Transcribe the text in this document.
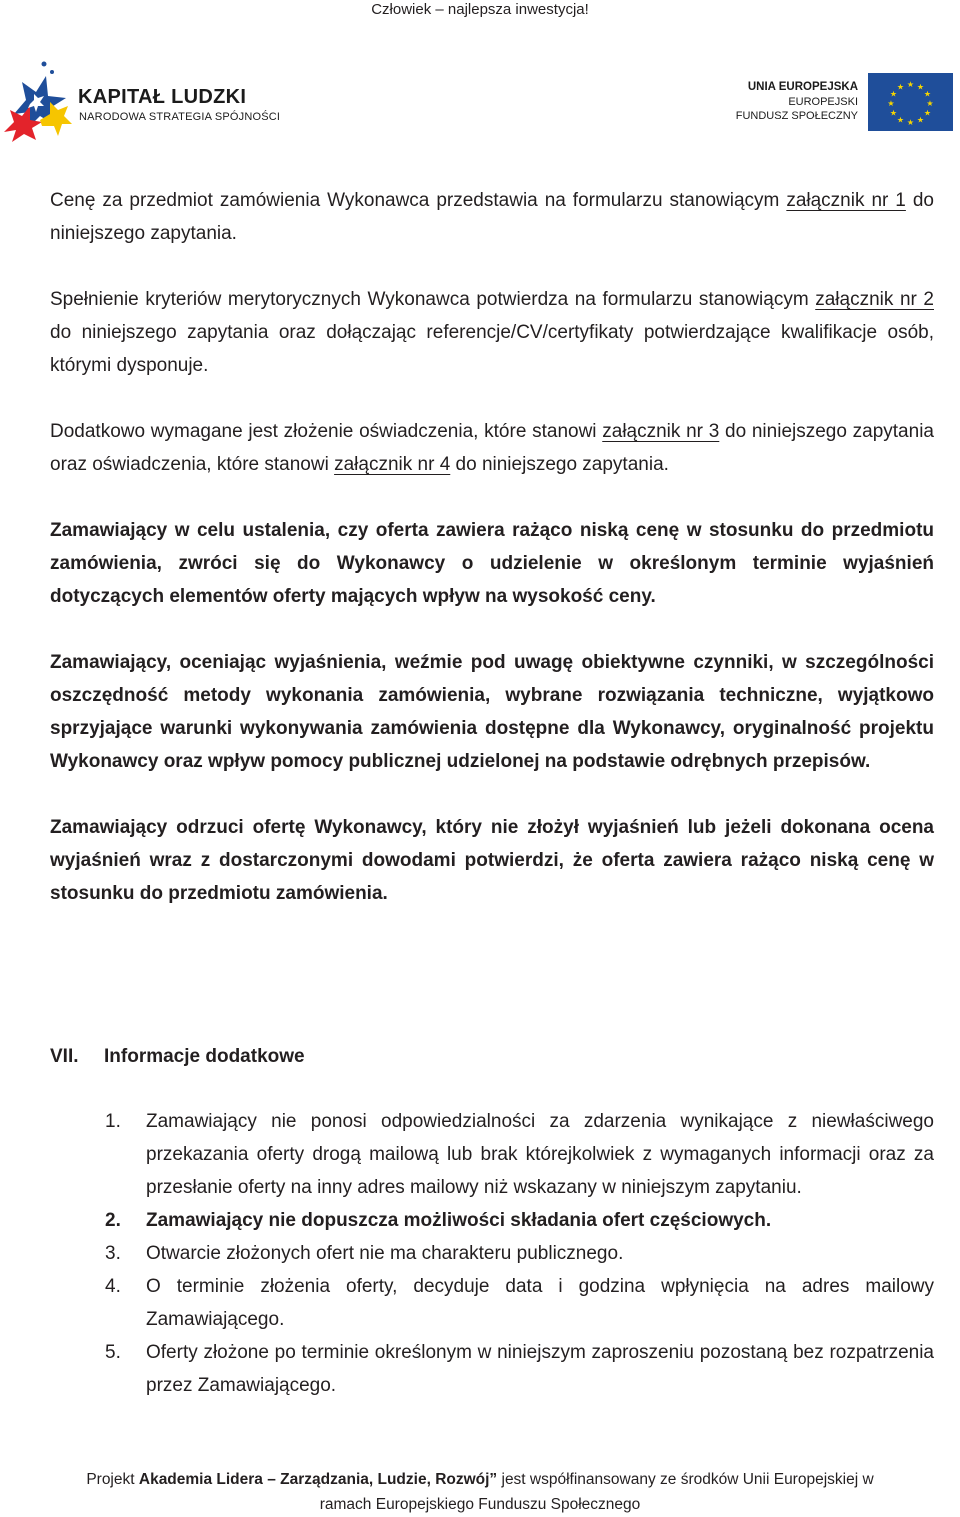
Człowiek – najlepsza inwestycja!
KAPITAŁ LUDZKI
NARODOWA STRATEGIA SPÓJNOŚCI
UNIA EUROPEJSKA
EUROPEJSKI
FUNDUSZ SPOŁECZNY
★ ★
★
★
★
★
★
★
★
★
★
★

Cenę za przedmiot zamówienia Wykonawca przedstawia na formularzu stanowiącym załącznik nr 1 do niniejszego zapytania.

Spełnienie kryteriów merytorycznych Wykonawca potwierdza na formularzu stanowiącym załącznik nr 2 do niniejszego zapytania oraz dołączając referencje/CV/certyfikaty potwierdzające kwalifikacje osób, którymi dysponuje.

Dodatkowo wymagane jest złożenie oświadczenia, które stanowi załącznik nr 3 do niniejszego zapytania oraz oświadczenia, które stanowi załącznik nr 4 do niniejszego zapytania.

Zamawiający w celu ustalenia, czy oferta zawiera rażąco niską cenę w stosunku do przedmiotu zamówienia, zwróci się do Wykonawcy o udzielenie w określonym terminie wyjaśnień dotyczących elementów oferty mających wpływ na wysokość ceny.

Zamawiający, oceniając wyjaśnienia, weźmie pod uwagę obiektywne czynniki, w szczególności oszczędność metody wykonania zamówienia, wybrane rozwiązania techniczne, wyjątkowo sprzyjające warunki wykonywania zamówienia dostępne dla Wykonawcy, oryginalność projektu Wykonawcy oraz wpływ pomocy publicznej udzielonej na podstawie odrębnych przepisów.

Zamawiający odrzuci ofertę Wykonawcy, który nie złożył wyjaśnień lub jeżeli dokonana ocena wyjaśnień wraz z dostarczonymi dowodami potwierdzi, że oferta zawiera rażąco niską cenę w stosunku do przedmiotu zamówienia.

VII. Informacje dodatkowe
1. Zamawiający nie ponosi odpowiedzialności za zdarzenia wynikające z niewłaściwego przekazania oferty drogą mailową lub brak którejkolwiek z wymaganych informacji oraz za przesłanie oferty na inny adres mailowy niż wskazany w niniejszym zapytaniu.
2. Zamawiający nie dopuszcza możliwości składania ofert częściowych.
3. Otwarcie złożonych ofert nie ma charakteru publicznego.
4. O terminie złożenia oferty, decyduje data i godzina wpłynięcia na adres mailowy Zamawiającego.
5. Oferty złożone po terminie określonym w niniejszym zaproszeniu pozostaną bez rozpatrzenia przez Zamawiającego.
Projekt Akademia Lidera – Zarządzania, Ludzie, Rozwój” jest współfinansowany ze środków Unii Europejskiej w
ramach Europejskiego Funduszu Społecznego
